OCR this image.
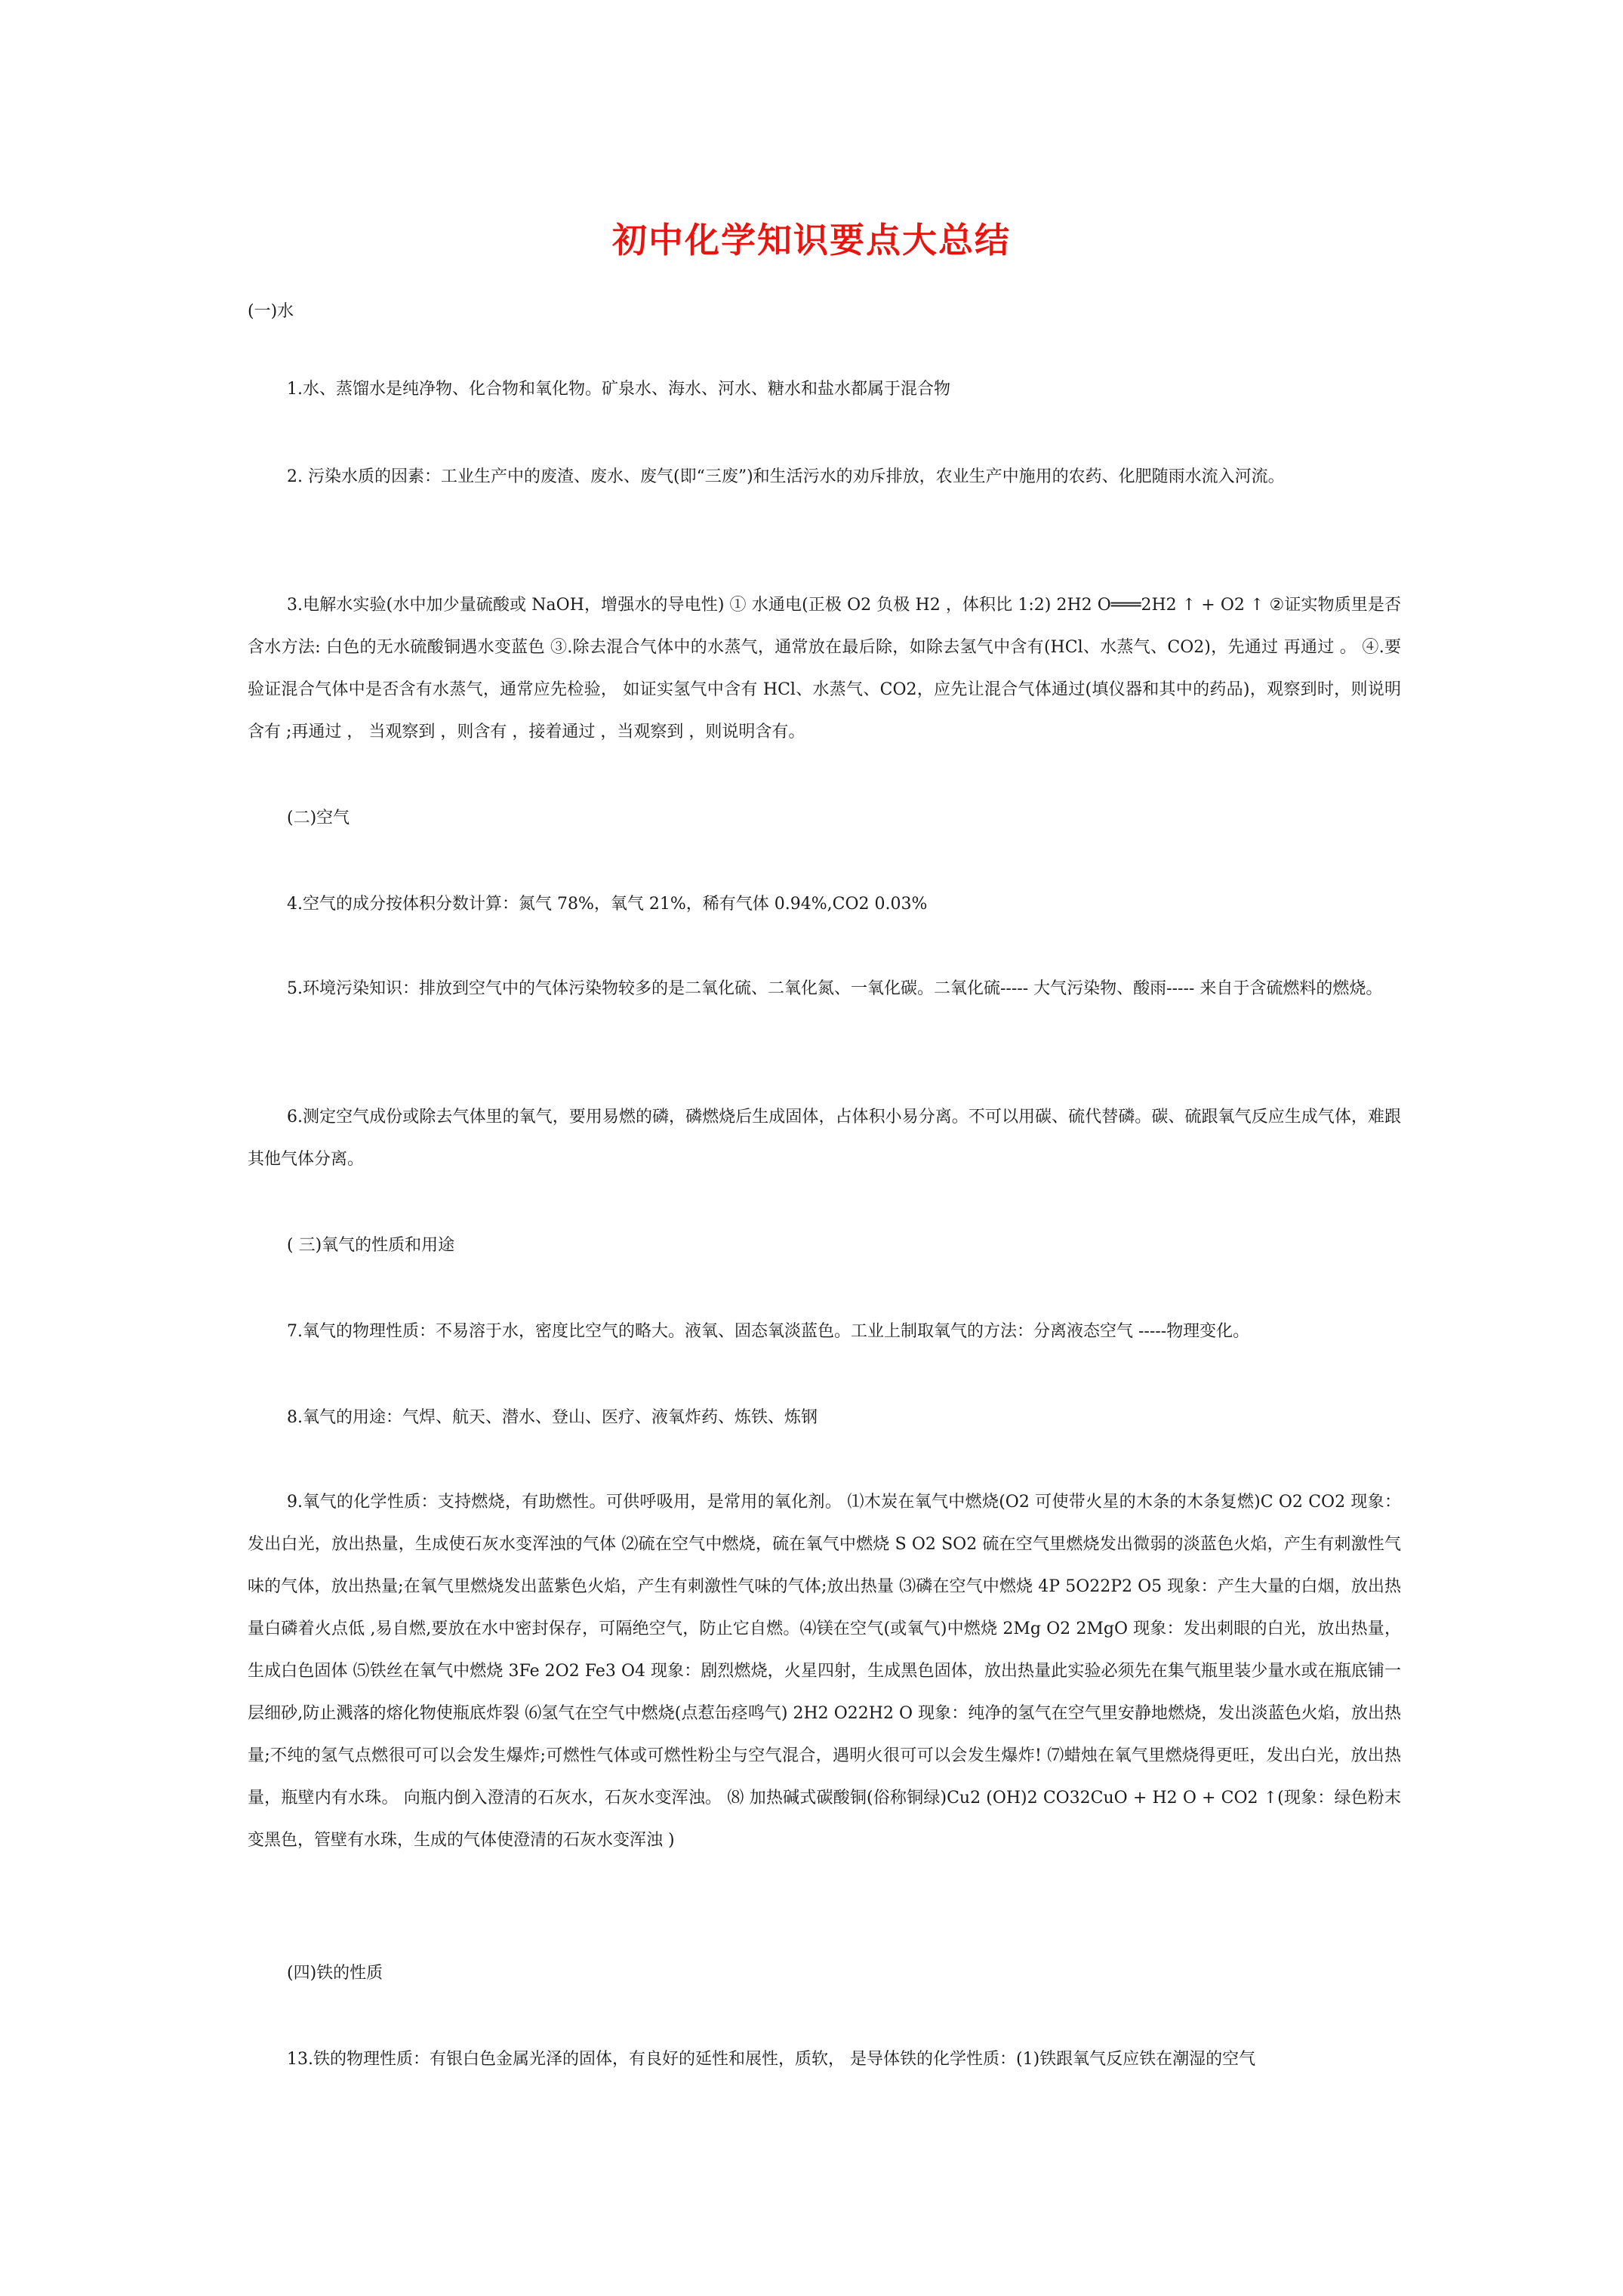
初中化学知识要点大总结
(一)水
1.水、蒸馏水是纯净物、化合物和氧化物。矿泉水、海水、河水、糖水和盐水都属于混合物
2. 污染水质的因素：工业生产中的废渣、废水、废气(即“三废”)和生活污水的劝斥排放，农业生产中施用的农药、化肥随雨水流入河流。
3.电解水实验(水中加少量硫酸或 NaOH，增强水的导电性) ① 水通电(正极 O2 负极 H2 ，体积比 1:2) 2H2 O═══2H2 ↑ + O2 ↑ ②证实物质里是否含水方法: 白色的无水硫酸铜遇水变蓝色 ③.除去混合气体中的水蒸气，通常放在最后除，如除去氢气中含有(HCl、水蒸气、CO2)，先通过 再通过 。 ④.要验证混合气体中是否含有水蒸气，通常应先检验， 如证实氢气中含有 HCl、水蒸气、CO2，应先让混合气体通过(填仪器和其中的药品)，观察到时，则说明含有 ;再通过 ， 当观察到 ，则含有 ，接着通过 ，当观察到 ，则说明含有。
(二)空气
4.空气的成分按体积分数计算：氮气 78%，氧气 21%，稀有气体 0.94%,CO2 0.03%
5.环境污染知识：排放到空气中的气体污染物较多的是二氧化硫、二氧化氮、一氧化碳。二氧化硫----- 大气污染物、酸雨----- 来自于含硫燃料的燃烧。
6.测定空气成份或除去气体里的氧气，要用易燃的磷，磷燃烧后生成固体，占体积小易分离。不可以用碳、硫代替磷。碳、硫跟氧气反应生成气体，难跟其他气体分离。
( 三)氧气的性质和用途
7.氧气的物理性质：不易溶于水，密度比空气的略大。液氧、固态氧淡蓝色。工业上制取氧气的方法：分离液态空气 -----物理变化。
8.氧气的用途：气焊、航天、潜水、登山、医疗、液氧炸药、炼铁、炼钢
9.氧气的化学性质：支持燃烧，有助燃性。可供呼吸用，是常用的氧化剂。 ⑴木炭在氧气中燃烧(O2 可使带火星的木条的木条复燃)C O2 CO2 现象：发出白光，放出热量，生成使石灰水变浑浊的气体 ⑵硫在空气中燃烧，硫在氧气中燃烧 S O2 SO2 硫在空气里燃烧发出微弱的淡蓝色火焰，产生有刺激性气味的气体，放出热量;在氧气里燃烧发出蓝紫色火焰，产生有刺激性气味的气体;放出热量 ⑶磷在空气中燃烧 4P 5O22P2 O5 现象：产生大量的白烟，放出热量白磷着火点低 ,易自燃,要放在水中密封保存，可隔绝空气，防止它自燃。⑷镁在空气(或氧气)中燃烧 2Mg O2 2MgO 现象：发出刺眼的白光，放出热量，生成白色固体 ⑸铁丝在氧气中燃烧 3Fe 2O2 Fe3 O4 现象：剧烈燃烧，火星四射，生成黑色固体，放出热量此实验必须先在集气瓶里装少量水或在瓶底铺一层细砂,防止溅落的熔化物使瓶底炸裂 ⑹氢气在空气中燃烧(点惹缶痉鸣气) 2H2 O22H2 O 现象：纯净的氢气在空气里安静地燃烧，发出淡蓝色火焰，放出热量;不纯的氢气点燃很可可以会发生爆炸;可燃性气体或可燃性粉尘与空气混合，遇明火很可可以会发生爆炸! ⑺蜡烛在氧气里燃烧得更旺，发出白光，放出热量，瓶壁内有水珠。 向瓶内倒入澄清的石灰水，石灰水变浑浊。 ⑻ 加热碱式碳酸铜(俗称铜绿)Cu2 (OH)2 CO32CuO + H2 O + CO2 ↑(现象：绿色粉末变黑色，管壁有水珠，生成的气体使澄清的石灰水变浑浊 )
(四)铁的性质
13.铁的物理性质：有银白色金属光泽的固体，有良好的延性和展性，质软， 是导体铁的化学性质：(1)铁跟氧气反应铁在潮湿的空气
